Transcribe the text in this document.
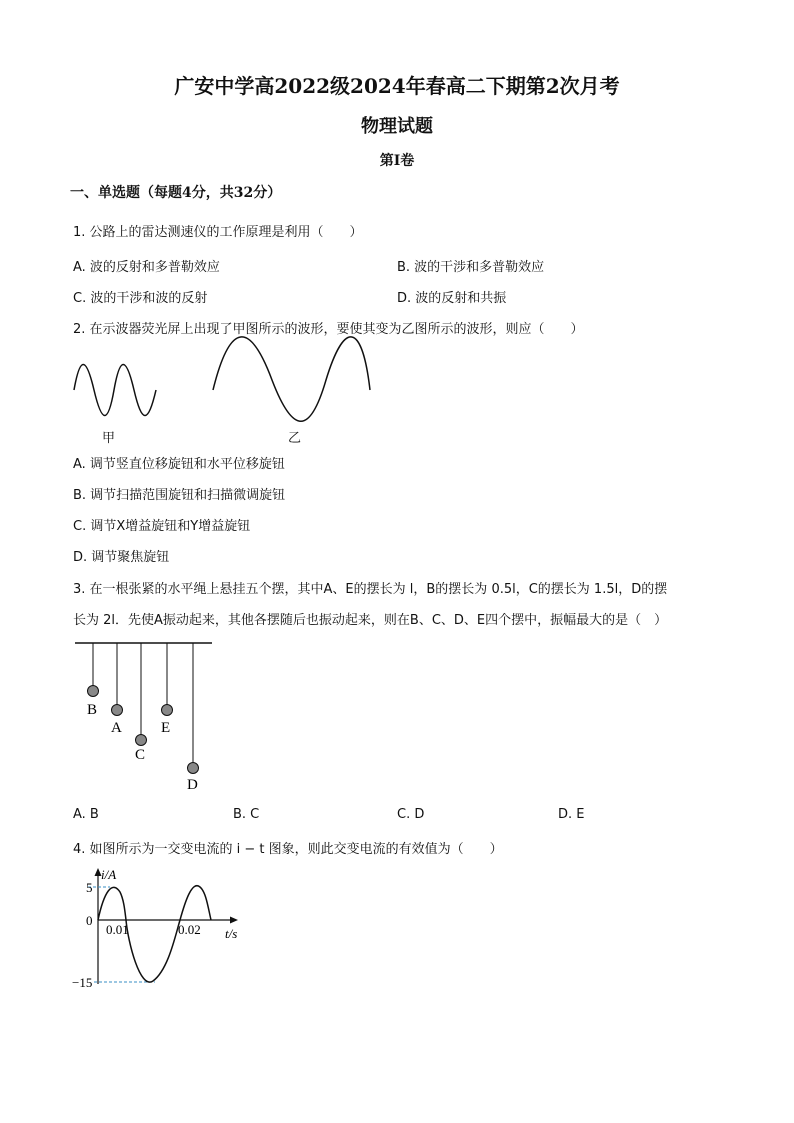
广安中学高2022级2024年春高二下期第2次月考
物理试题
第Ⅰ卷
一、单选题（每题4分，共32分）
1. 公路上的雷达测速仪的工作原理是利用（　　）
A. 波的反射和多普勒效应	B. 波的干涉和多普勒效应
C. 波的干涉和波的反射	D. 波的反射和共振
2. 在示波器荧光屏上出现了甲图所示的波形，要使其变为乙图所示的波形，则应（　　）
甲	乙
A. 调节竖直位移旋钮和水平位移旋钮
B. 调节扫描范围旋钮和扫描微调旋钮
C. 调节X增益旋钮和Y增益旋钮
D. 调节聚焦旋钮
3. 在一根张紧的水平绳上悬挂五个摆，其中A、E的摆长为 l，B的摆长为 0.5l，C的摆长为 1.5l，D的摆
长为 2l．先使A振动起来，其他各摆随后也振动起来，则在B、C、D、E四个摆中，振幅最大的是（　）
B
A
C
E
D
A. B	B. C	C. D	D. E
4. 如图所示为一交变电流的 i − t 图象，则此交变电流的有效值为（　　）
i/A
t/s
5
0
−15
0.01	0.02
